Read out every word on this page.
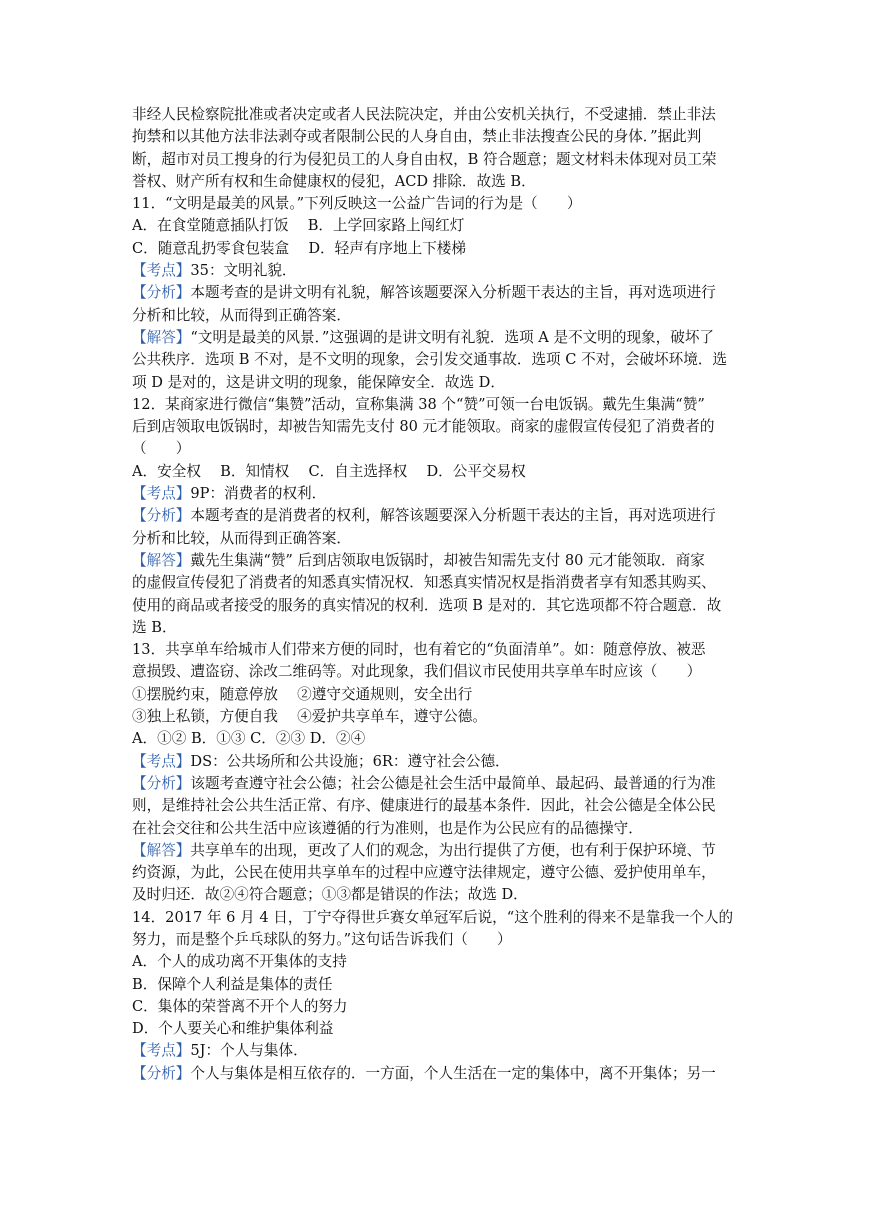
非经人民检察院批准或者决定或者人民法院决定，并由公安机关执行，不受逮捕．禁止非法
拘禁和以其他方法非法剥夺或者限制公民的人身自由，禁止非法搜查公民的身体．”据此判
断，超市对员工搜身的行为侵犯员工的人身自由权，B 符合题意；题文材料未体现对员工荣
誉权、财产所有权和生命健康权的侵犯，ACD 排除．故选 B．
11．“文明是最美的风景。”下列反映这一公益广告词的行为是（　　）
A．在食堂随意插队打饭　 B．上学回家路上闯红灯
C．随意乱扔零食包装盒　 D．轻声有序地上下楼梯
【考点】35：文明礼貌．
【分析】本题考查的是讲文明有礼貌，解答该题要深入分析题干表达的主旨，再对选项进行
分析和比较，从而得到正确答案．
【解答】“文明是最美的风景．”这强调的是讲文明有礼貌．选项 A 是不文明的现象，破坏了
公共秩序．选项 B 不对，是不文明的现象，会引发交通事故．选项 C 不对，会破坏环境．选
项 D 是对的，这是讲文明的现象，能保障安全．故选 D．
12．某商家进行微信“集赞”活动，宣称集满 38 个“赞”可领一台电饭锅。戴先生集满“赞”
后到店领取电饭锅时，却被告知需先支付 80 元才能领取。商家的虚假宣传侵犯了消费者的
（　　）
A．安全权　 B．知情权　 C．自主选择权　 D．公平交易权
【考点】9P：消费者的权利．
【分析】本题考查的是消费者的权利，解答该题要深入分析题干表达的主旨，再对选项进行
分析和比较，从而得到正确答案．
【解答】戴先生集满“赞” 后到店领取电饭锅时，却被告知需先支付 80 元才能领取．商家
的虚假宣传侵犯了消费者的知悉真实情况权．知悉真实情况权是指消费者享有知悉其购买、
使用的商品或者接受的服务的真实情况的权利．选项 B 是对的．其它选项都不符合题意．故
选 B．
13．共享单车给城市人们带来方便的同时，也有着它的“负面清单”。如：随意停放、被恶
意损毁、遭盗窃、涂改二维码等。对此现象，我们倡议市民使用共享单车时应该（　　）
①摆脱约束，随意停放　 ②遵守交通规则，安全出行
③独上私锁，方便自我　 ④爱护共享单车，遵守公德。
A．①② B．①③ C．②③ D．②④
【考点】DS：公共场所和公共设施；6R：遵守社会公德．
【分析】该题考查遵守社会公德；社会公德是社会生活中最简单、最起码、最普通的行为准
则，是维持社会公共生活正常、有序、健康进行的最基本条件．因此，社会公德是全体公民
在社会交往和公共生活中应该遵循的行为准则，也是作为公民应有的品德操守．
【解答】共享单车的出现，更改了人们的观念，为出行提供了方便，也有利于保护环境、节
约资源，为此，公民在使用共享单车的过程中应遵守法律规定，遵守公德、爱护使用单车，
及时归还．故②④符合题意；①③都是错误的作法；故选 D．
14．2017 年 6 月 4 日，丁宁夺得世乒赛女单冠军后说，“这个胜利的得来不是靠我一个人的
努力，而是整个乒乓球队的努力。”这句话告诉我们（　　）
A．个人的成功离不开集体的支持
B．保障个人利益是集体的责任
C．集体的荣誉离不开个人的努力
D．个人要关心和维护集体利益
【考点】5J：个人与集体．
【分析】个人与集体是相互依存的．一方面，个人生活在一定的集体中，离不开集体；另一
